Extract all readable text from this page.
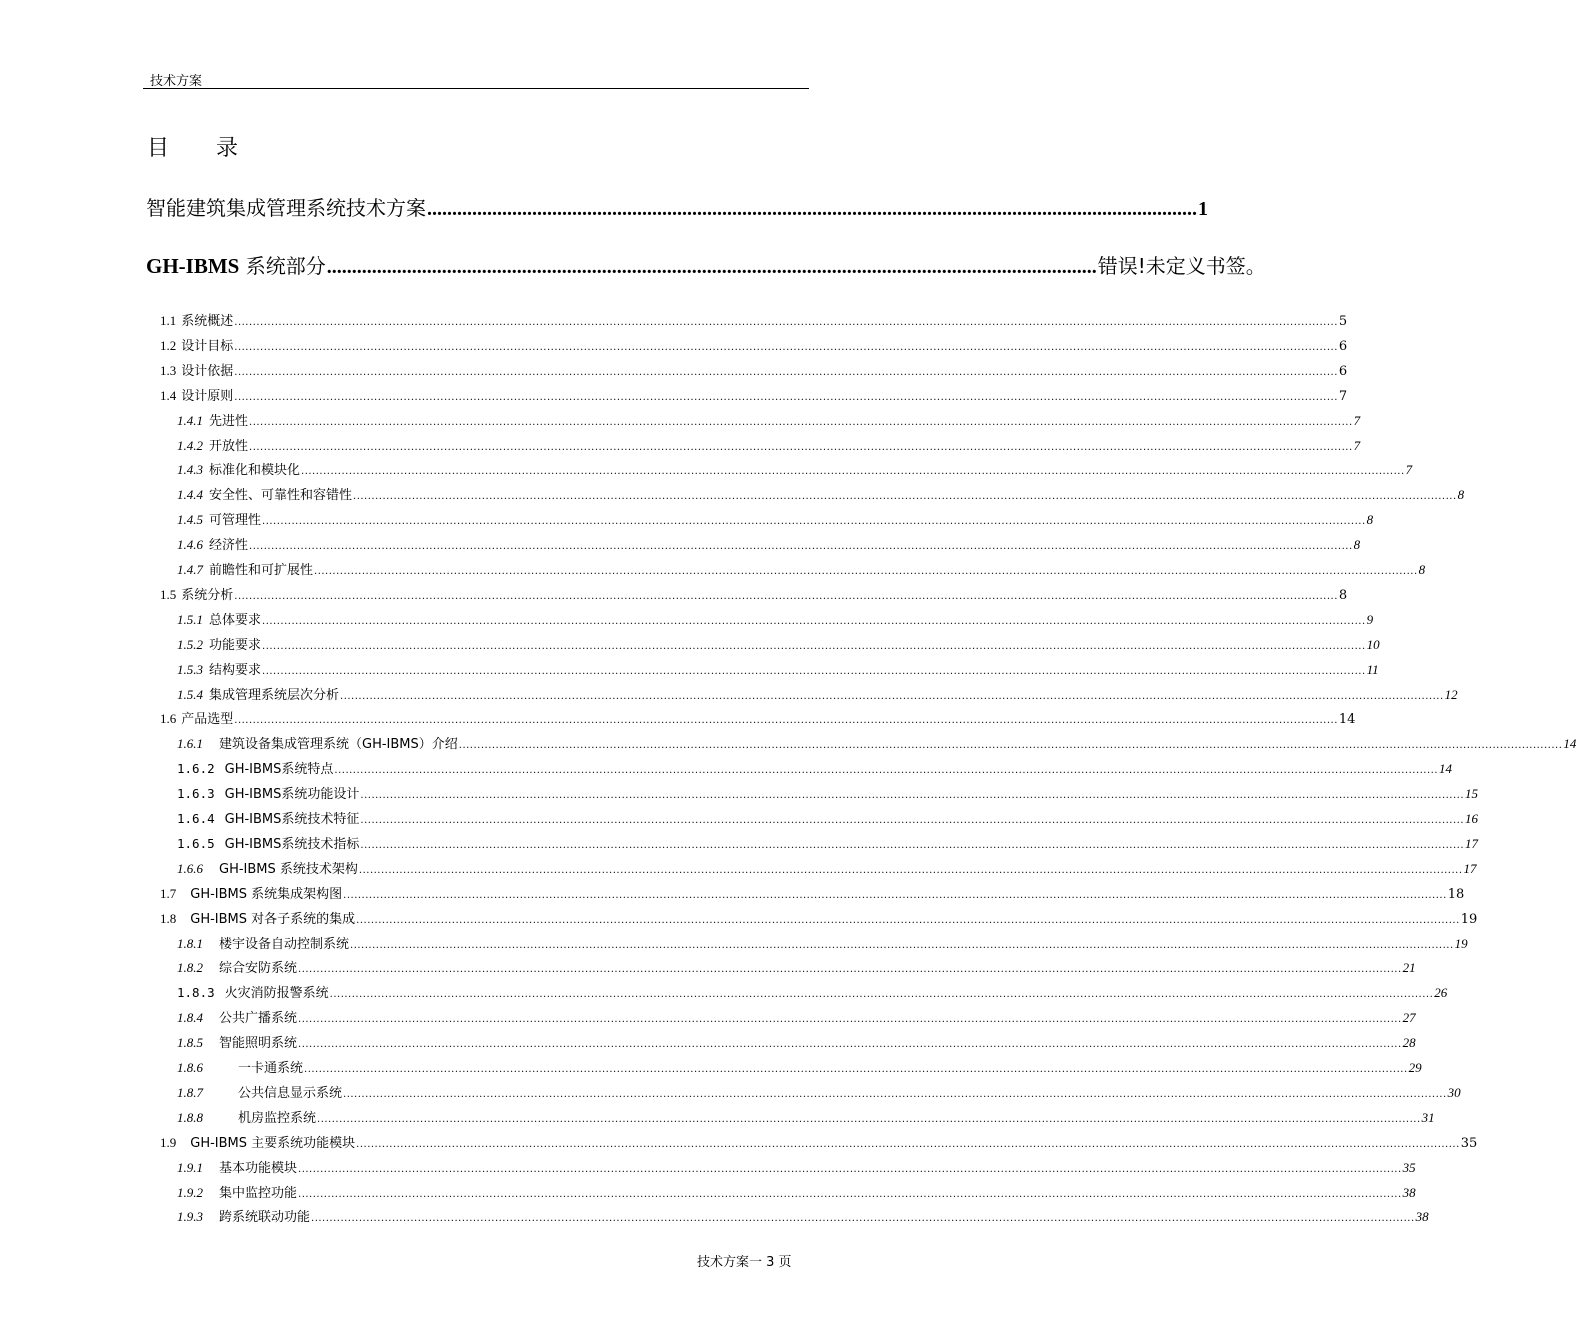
技术方案
目 录
智能建筑集成管理系统技术方案 .......................................................................................................................................................... 1
GH-IBMS 系统部分 .......................................................................................................................................................... 错误!未定义书签。
1.1 系统概述 ............................................................................................................................................................................................................................................................................................................ 5
1.2 设计目标 ............................................................................................................................................................................................................................................................................................................ 6
1.3 设计依据 ............................................................................................................................................................................................................................................................................................................ 6
1.4 设计原则 ............................................................................................................................................................................................................................................................................................................ 7
1.4.1 先进性 ............................................................................................................................................................................................................................................................................................................ 7
1.4.2 开放性 ............................................................................................................................................................................................................................................................................................................ 7
1.4.3 标准化和模块化 ............................................................................................................................................................................................................................................................................................................ 7
1.4.4 安全性、可靠性和容错性 ............................................................................................................................................................................................................................................................................................................ 8
1.4.5 可管理性 ............................................................................................................................................................................................................................................................................................................ 8
1.4.6 经济性 ............................................................................................................................................................................................................................................................................................................ 8
1.4.7 前瞻性和可扩展性 ............................................................................................................................................................................................................................................................................................................ 8
1.5 系统分析 ............................................................................................................................................................................................................................................................................................................ 8
1.5.1 总体要求 ............................................................................................................................................................................................................................................................................................................ 9
1.5.2 功能要求 ............................................................................................................................................................................................................................................................................................................ 10
1.5.3 结构要求 ............................................................................................................................................................................................................................................................................................................ 11
1.5.4 集成管理系统层次分析 ............................................................................................................................................................................................................................................................................................................ 12
1.6 产品选型 ............................................................................................................................................................................................................................................................................................................ 14
1.6.1 建筑设备集成管理系统（GH-IBMS）介绍 ............................................................................................................................................................................................................................................................................................................ 14
1.6.2 GH-IBMS系统特点 ............................................................................................................................................................................................................................................................................................................ 14
1.6.3 GH-IBMS系统功能设计 ............................................................................................................................................................................................................................................................................................................ 15
1.6.4 GH-IBMS系统技术特征 ............................................................................................................................................................................................................................................................................................................ 16
1.6.5 GH-IBMS系统技术指标 ............................................................................................................................................................................................................................................................................................................ 17
1.6.6 GH-IBMS 系统技术架构 ............................................................................................................................................................................................................................................................................................................ 17
1.7 GH-IBMS 系统集成架构图 ............................................................................................................................................................................................................................................................................................................ 18
1.8 GH-IBMS 对各子系统的集成 ............................................................................................................................................................................................................................................................................................................ 19
1.8.1 楼宇设备自动控制系统 ............................................................................................................................................................................................................................................................................................................ 19
1.8.2 综合安防系统 ............................................................................................................................................................................................................................................................................................................ 21
1.8.3 火灾消防报警系统 ............................................................................................................................................................................................................................................................................................................ 26
1.8.4 公共广播系统 ............................................................................................................................................................................................................................................................................................................ 27
1.8.5 智能照明系统 ............................................................................................................................................................................................................................................................................................................ 28
1.8.6	一卡通系统 ............................................................................................................................................................................................................................................................................................................ 29
1.8.7	公共信息显示系统 ............................................................................................................................................................................................................................................................................................................ 30
1.8.8	机房监控系统 ............................................................................................................................................................................................................................................................................................................ 31
1.9 GH-IBMS 主要系统功能模块 ............................................................................................................................................................................................................................................................................................................ 35
1.9.1 基本功能模块 ............................................................................................................................................................................................................................................................................................................ 35
1.9.2 集中监控功能 ............................................................................................................................................................................................................................................................................................................ 38
1.9.3 跨系统联动功能 ............................................................................................................................................................................................................................................................................................................ 38
技术方案一 3 页
